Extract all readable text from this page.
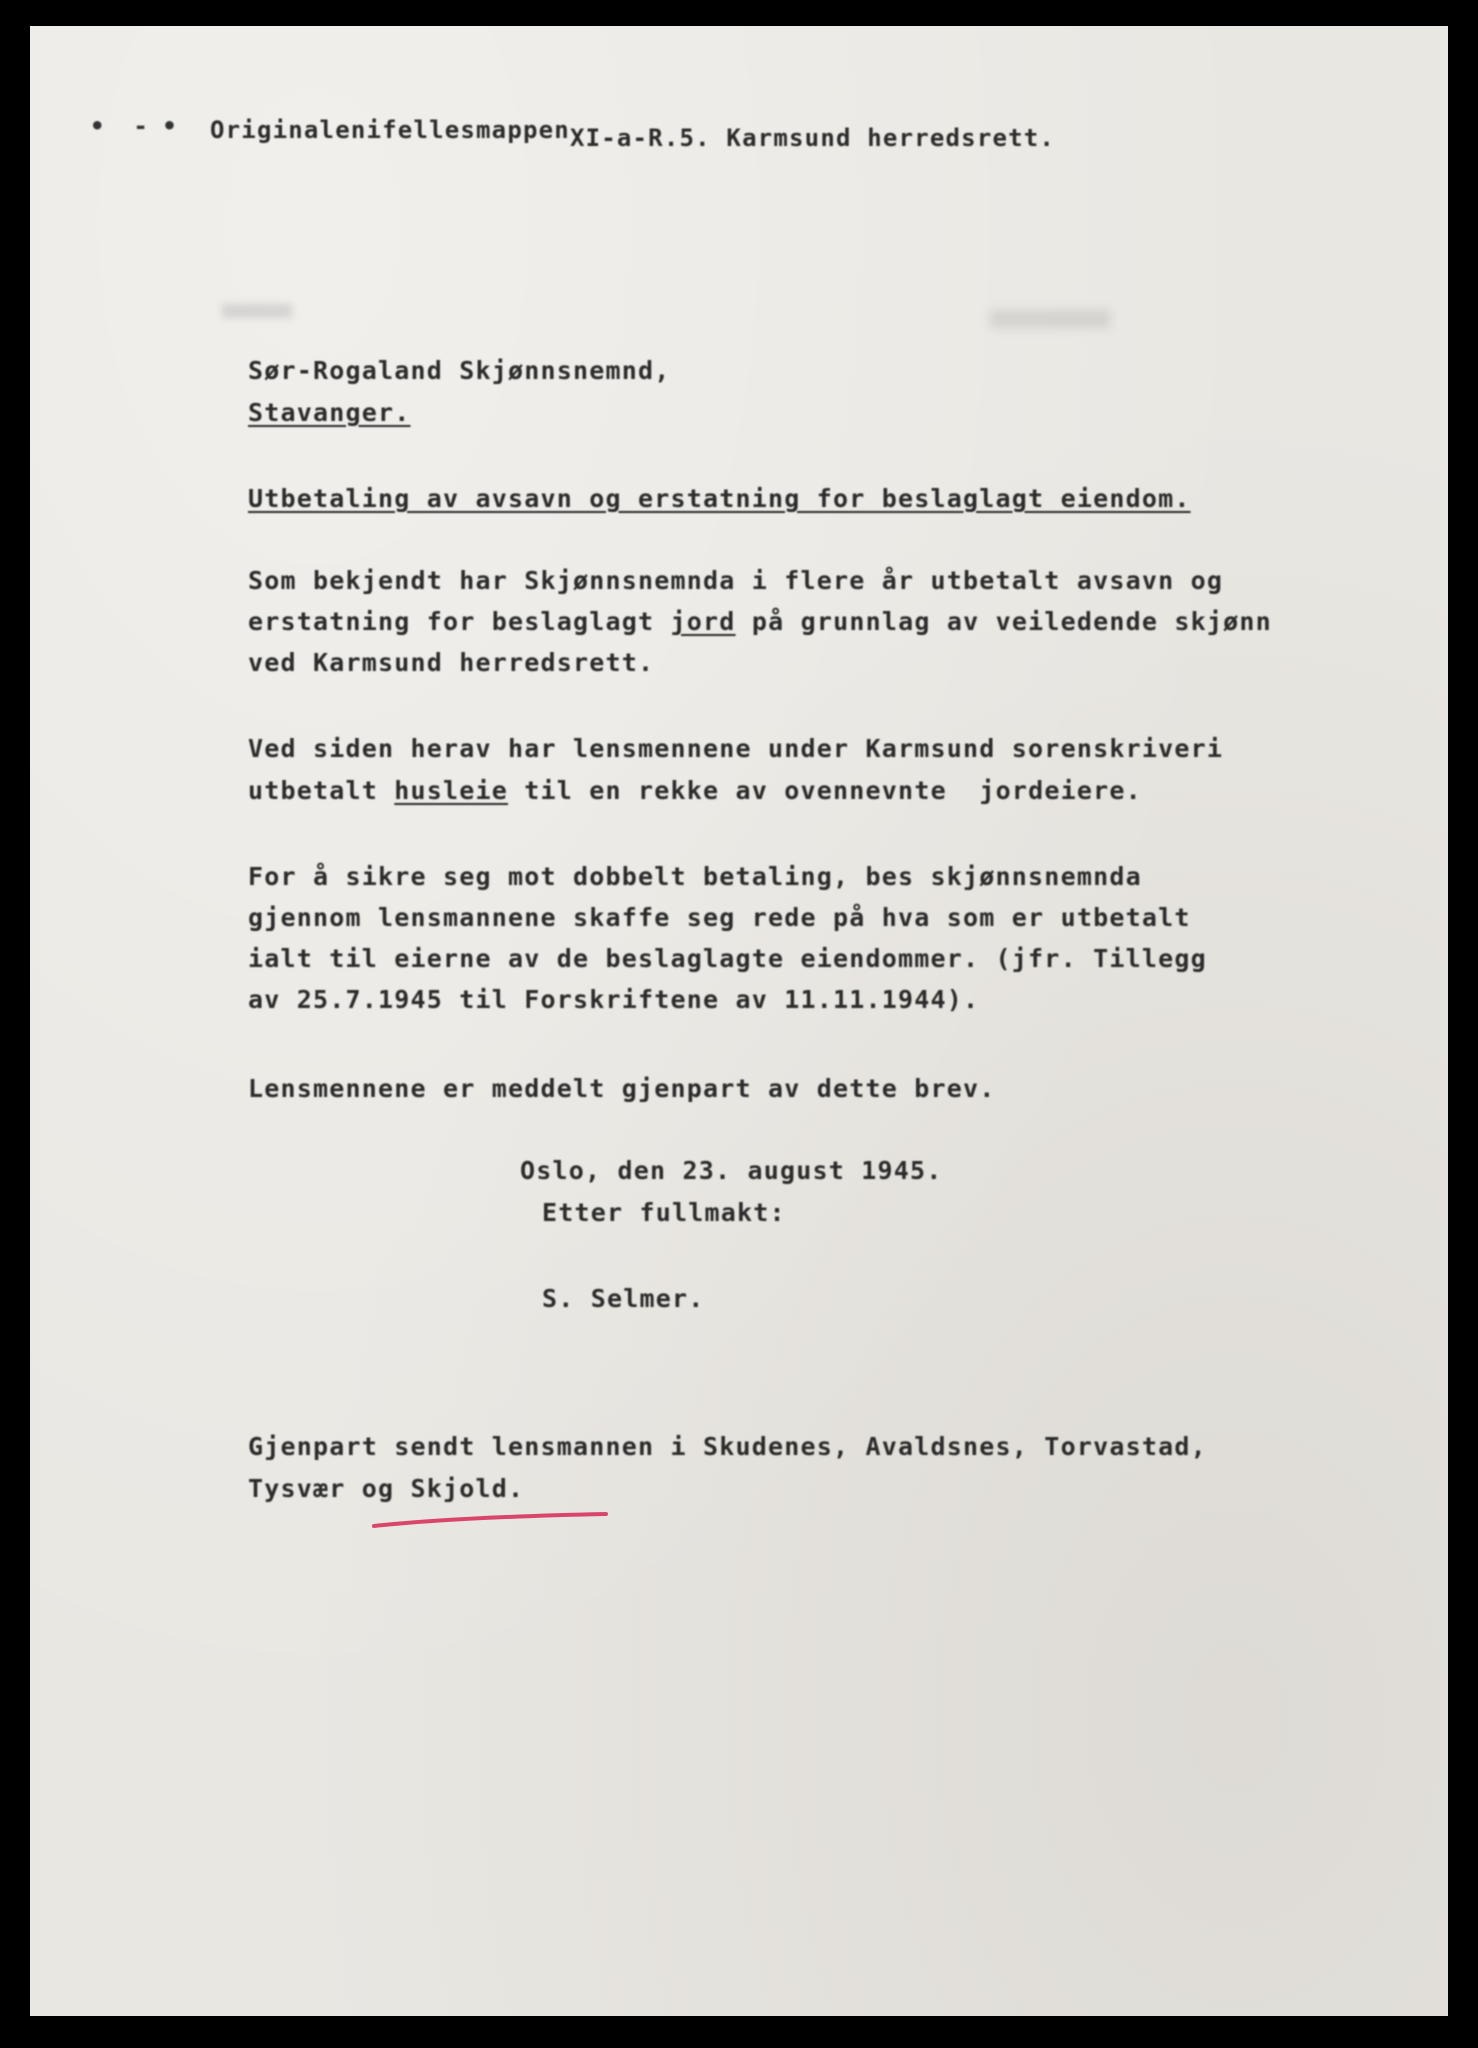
•  - • OriginalenifellesmappenXI-a-R.5. Karmsund herredsrett.
Sør-Rogaland Skjønnsnemnd,
Stavanger.
Utbetaling av avsavn og erstatning for beslaglagt eiendom.
Som bekjendt har Skjønnsnemnda i flere år utbetalt avsavn og
erstatning for beslaglagt jord på grunnlag av veiledende skjønn
ved Karmsund herredsrett.
Ved siden herav har lensmennene under Karmsund sorenskriveri
utbetalt husleie til en rekke av ovennevnte  jordeiere.
For å sikre seg mot dobbelt betaling, bes skjønnsnemnda
gjennom lensmannene skaffe seg rede på hva som er utbetalt
ialt til eierne av de beslaglagte eiendommer. (jfr. Tillegg
av 25.7.1945 til Forskriftene av 11.11.1944).
Lensmennene er meddelt gjenpart av dette brev.
Oslo, den 23. august 1945.
Etter fullmakt:
S. Selmer.
Gjenpart sendt lensmannen i Skudenes, Avaldsnes, Torvastad,
Tysvær og Skjold.
